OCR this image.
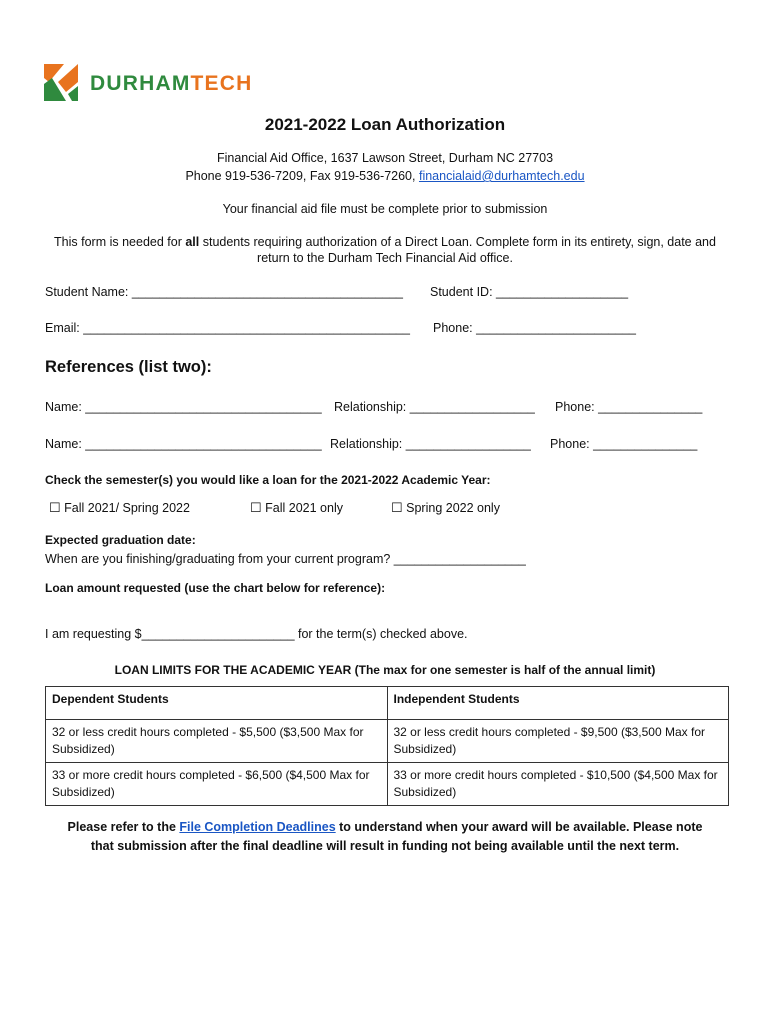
DURHAMTECH
2021-2022 Loan Authorization
Financial Aid Office, 1637 Lawson Street, Durham NC 27703
Phone 919-536-7209, Fax 919-536-7260, financialaid@durhamtech.edu
Your financial aid file must be complete prior to submission
This form is needed for all students requiring authorization of a Direct Loan. Complete form in its entirety, sign, date and
return to the Durham Tech Financial Aid office.
Student Name: _______________________________________ Student ID: ___________________
Email: _______________________________________________ Phone: _______________________
References (list two):
Name: __________________________________ Relationship: __________________ Phone: _______________
Name: __________________________________ Relationship: __________________ Phone: _______________
Check the semester(s) you would like a loan for the 2021-2022 Academic Year:
☐ Fall 2021/ Spring 2022	☐ Fall 2021 only	☐ Spring 2022 only
Expected graduation date:
When are you finishing/graduating from your current program? ___________________
Loan amount requested (use the chart below for reference):
I am requesting $______________________ for the term(s) checked above.
LOAN LIMITS FOR THE ACADEMIC YEAR (The max for one semester is half of the annual limit)
Dependent Students	Independent Students
32 or less credit hours completed - $5,500 ($3,500 Max for Subsidized)	32 or less credit hours completed - $9,500 ($3,500 Max for Subsidized)
33 or more credit hours completed - $6,500 ($4,500 Max for Subsidized)	33 or more credit hours completed - $10,500 ($4,500 Max for Subsidized)
Please refer to the File Completion Deadlines to understand when your award will be available. Please note
that submission after the final deadline will result in funding not being available until the next term.
